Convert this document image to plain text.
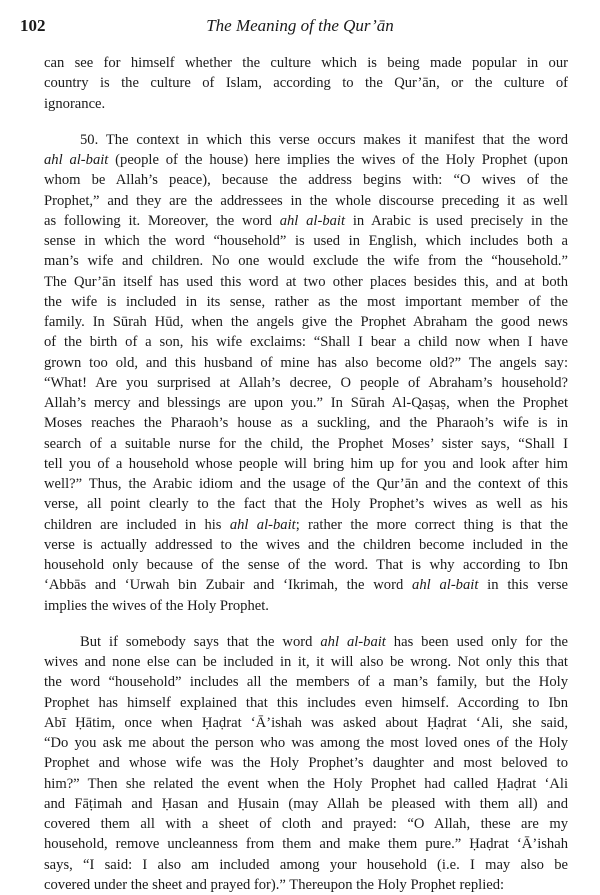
102	The Meaning of the Qur’ān

can see for himself whether the culture which is being made popular in our
country is the culture of Islam, according to the Qur’ān, or the culture of
ignorance.

50. The context in which this verse occurs makes it manifest that the word
ahl al-bait (people of the house) here implies the wives of the Holy Prophet (upon
whom be Allah’s peace), because the address begins with: “O wives of the
Prophet,” and they are the addressees in the whole discourse preceding it as well
as following it. Moreover, the word ahl al-bait in Arabic is used precisely in the
sense in which the word “household” is used in English, which includes both a
man’s wife and children. No one would exclude the wife from the “household.”
The Qur’ān itself has used this word at two other places besides this, and at both
the wife is included in its sense, rather as the most important member of the
family. In Sūrah Hūd, when the angels give the Prophet Abraham the good news
of the birth of a son, his wife exclaims: “Shall I bear a child now when I have
grown too old, and this husband of mine has also become old?” The angels say:
“What! Are you surprised at Allah’s decree, O people of Abraham’s household?
Allah’s mercy and blessings are upon you.” In Sūrah Al-Qaṣaṣ, when the Prophet
Moses reaches the Pharaoh’s house as a suckling, and the Pharaoh’s wife is in
search of a suitable nurse for the child, the Prophet Moses’ sister says, “Shall I
tell you of a household whose people will bring him up for you and look after him
well?” Thus, the Arabic idiom and the usage of the Qur’ān and the context of this
verse, all point clearly to the fact that the Holy Prophet’s wives as well as his
children are included in his ahl al-bait; rather the more correct thing is that the
verse is actually addressed to the wives and the children become included in the
household only because of the sense of the word. That is why according to Ibn
‘Abbās and ‘Urwah bin Zubair and ‘Ikrimah, the word ahl al-bait in this verse
implies the wives of the Holy Prophet.

But if somebody says that the word ahl al-bait has been used only for the
wives and none else can be included in it, it will also be wrong. Not only this that
the word “household” includes all the members of a man’s family, but the Holy
Prophet has himself explained that this includes even himself. According to Ibn
Abī Ḥātim, once when Ḥaḍrat ‘Ā’ishah was asked about Ḥaḍrat ‘Ali, she said,
“Do you ask me about the person who was among the most loved ones of the Holy
Prophet and whose wife was the Holy Prophet’s daughter and most beloved to
him?” Then she related the event when the Holy Prophet had called Ḥaḍrat ‘Ali
and Fāṭimah and Ḥasan and Ḥusain (may Allah be pleased with them all) and
covered them all with a sheet of cloth and prayed: “O Allah, these are my
household, remove uncleanness from them and make them pure.” Ḥaḍrat ‘Ā’ishah
says, “I said: I also am included among your household (i.e. I may also be
covered under the sheet and prayed for).” Thereupon the Holy Prophet replied:
